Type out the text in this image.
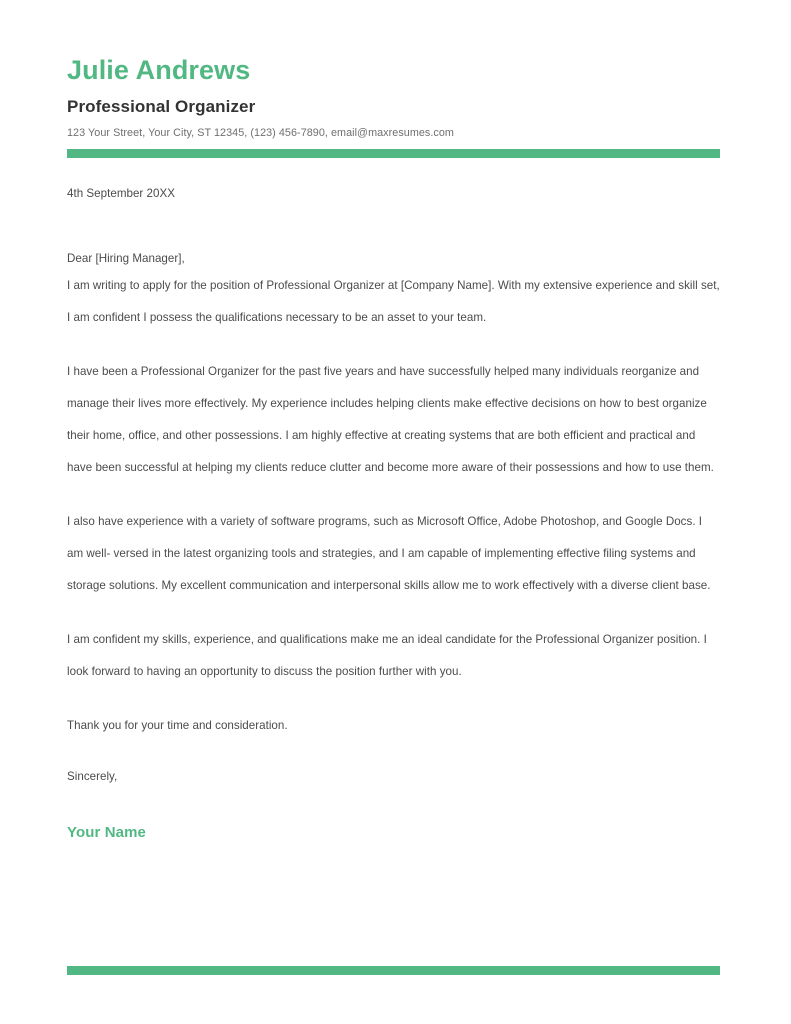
Julie Andrews
Professional Organizer

123 Your Street, Your City, ST 12345, (123) 456-7890, email@maxresumes.com

4th September 20XX

Dear [Hiring Manager],

I am writing to apply for the position of Professional Organizer at [Company Name]. With my extensive experience and skill set, I am confident I possess the qualifications necessary to be an asset to your team.

I have been a Professional Organizer for the past five years and have successfully helped many individuals reorganize and manage their lives more effectively. My experience includes helping clients make effective decisions on how to best organize their home, office, and other possessions. I am highly effective at creating systems that are both efficient and practical and have been successful at helping my clients reduce clutter and become more aware of their possessions and how to use them.

I also have experience with a variety of software programs, such as Microsoft Office, Adobe Photoshop, and Google Docs. I am well- versed in the latest organizing tools and strategies, and I am capable of implementing effective filing systems and storage solutions. My excellent communication and interpersonal skills allow me to work effectively with a diverse client base.

I am confident my skills, experience, and qualifications make me an ideal candidate for the Professional Organizer position. I look forward to having an opportunity to discuss the position further with you.

Thank you for your time and consideration.

Sincerely,

Your Name
